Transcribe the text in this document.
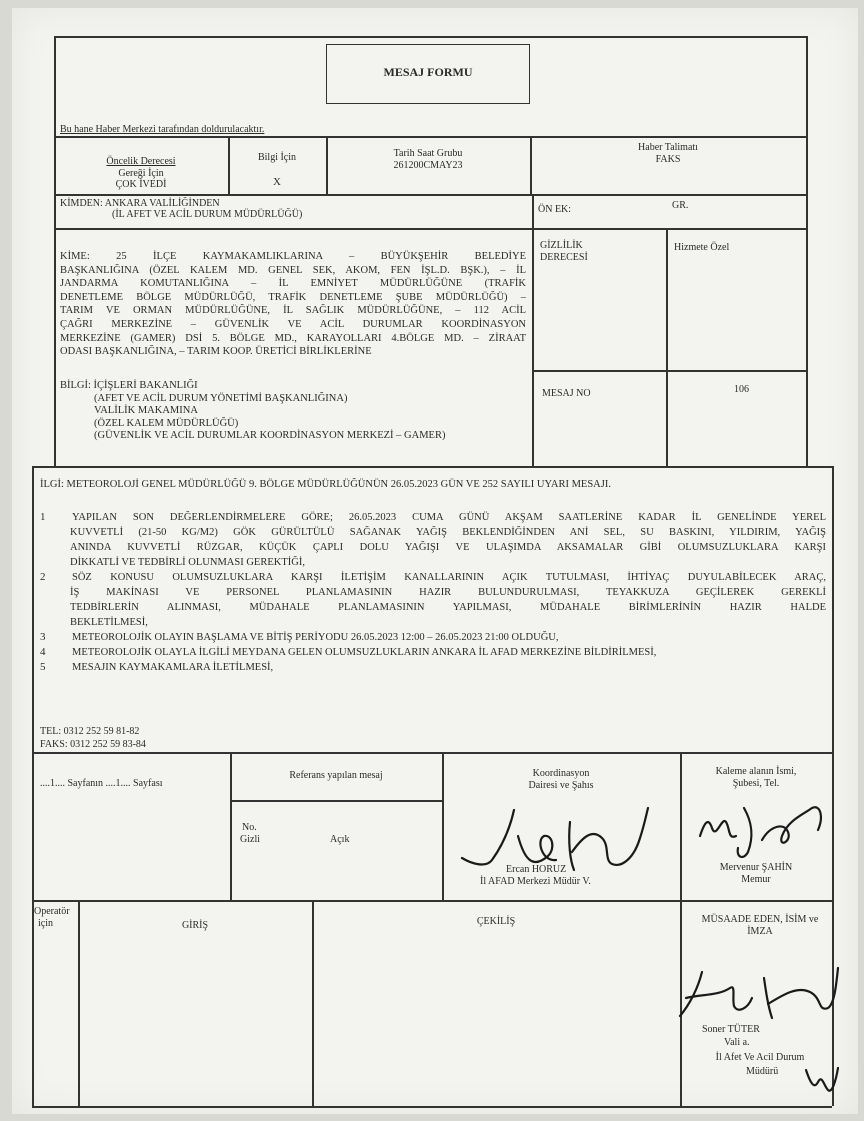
MESAJ FORMU
Bu hane Haber Merkezi tarafından doldurulacaktır.
Öncelik Derecesi
Gereği İçin
ÇOK İVEDİ
Bilgi İçin
X
Tarih Saat Grubu
261200CMAY23
Haber Talimatı
FAKS
KİMDEN: ANKARA VALİLİĞİNDEN
(İL AFET VE ACİL DURUM MÜDÜRLÜĞÜ)	ÖN EK:	GR.
KİME: 25 İLÇE KAYMAKAMLIKLARINA – BÜYÜKŞEHİR BELEDİYE
BAŞKANLIĞINA (ÖZEL KALEM MD. GENEL SEK, AKOM, FEN İŞL.D. BŞK.), – İL
JANDARMA KOMUTANLIĞINA – İL EMNİYET MÜDÜRLÜĞÜNE (TRAFİK
DENETLEME BÖLGE MÜDÜRLÜĞÜ, TRAFİK DENETLEME ŞUBE MÜDÜRLÜĞÜ) –
TARIM VE ORMAN MÜDÜRLÜĞÜNE, İL SAĞLIK MÜDÜRLÜĞÜNE, – 112 ACİL
ÇAĞRI MERKEZİNE – GÜVENLİK VE ACİL DURUMLAR KOORDİNASYON
MERKEZİNE (GAMER) DSİ 5. BÖLGE MD., KARAYOLLARI 4.BÖLGE MD. – ZİRAAT
ODASI BAŞKANLIĞINA, – TARIM KOOP. ÜRETİCİ BİRLİKLERİNE
GİZLİLİK
DERECESİ
Hizmete Özel
MESAJ NO	106
BİLGİ: İÇİŞLERİ BAKANLIĞI
(AFET VE ACİL DURUM YÖNETİMİ BAŞKANLIĞINA)
VALİLİK MAKAMINA
(ÖZEL KALEM MÜDÜRLÜĞÜ)
(GÜVENLİK VE ACİL DURUMLAR KOORDİNASYON MERKEZİ – GAMER)
İLGİ: METEOROLOJİ GENEL MÜDÜRLÜĞÜ 9. BÖLGE MÜDÜRLÜĞÜNÜN 26.05.2023 GÜN VE 252 SAYILI UYARI MESAJI.
1	YAPILAN SON DEĞERLENDİRMELERE GÖRE; 26.05.2023 CUMA GÜNÜ AKŞAM SAATLERİNE KADAR İL GENELİNDE YEREL
KUVVETLİ (21-50 KG/M2) GÖK GÜRÜLTÜLÜ SAĞANAK YAĞIŞ BEKLENDİĞİNDEN ANİ SEL, SU BASKINI, YILDIRIM, YAĞIŞ
ANINDA KUVVETLİ RÜZGAR, KÜÇÜK ÇAPLI DOLU YAĞIŞI VE ULAŞIMDA AKSAMALAR GİBİ OLUMSUZLUKLARA KARŞI
DİKKATLİ VE TEDBİRLİ OLUNMASI GEREKTİĞİ,
2	SÖZ KONUSU OLUMSUZLUKLARA KARŞI İLETİŞİM KANALLARININ AÇIK TUTULMASI, İHTİYAÇ DUYULABİLECEK ARAÇ,
İŞ MAKİNASI VE PERSONEL PLANLAMASININ HAZIR BULUNDURULMASI, TEYAKKUZA GEÇİLEREK GEREKLİ
TEDBİRLERİN ALINMASI, MÜDAHALE PLANLAMASININ YAPILMASI, MÜDAHALE BİRİMLERİNİN HAZIR HALDE
BEKLETİLMESİ,
3	METEOROLOJİK OLAYIN BAŞLAMA VE BİTİŞ PERİYODU 26.05.2023 12:00 – 26.05.2023 21:00 OLDUĞU,
4	METEOROLOJİK OLAYLA İLGİLİ MEYDANA GELEN OLUMSUZLUKLARIN ANKARA İL AFAD MERKEZİNE BİLDİRİLMESİ,
5	MESAJIN KAYMAKAMLARA İLETİLMESİ,
TEL: 0312 252 59 81-82
FAKS: 0312 252 59 83-84
....1.... Sayfanın ....1.... Sayfası
Referans yapılan mesaj
No.
Gizli	Açık
Koordinasyon
Dairesi ve Şahıs
Ercan HORUZ
İl AFAD Merkezi Müdür V.
Kaleme alanın İsmi,
Şubesi, Tel.
Mervenur ŞAHİN
Memur
Operatör
için	GİRİŞ	ÇEKİLİŞ	MÜSAADE EDEN, İSİM ve
İMZA
Soner TÜTER
Vali a.
İl Afet Ve Acil Durum
Müdürü
